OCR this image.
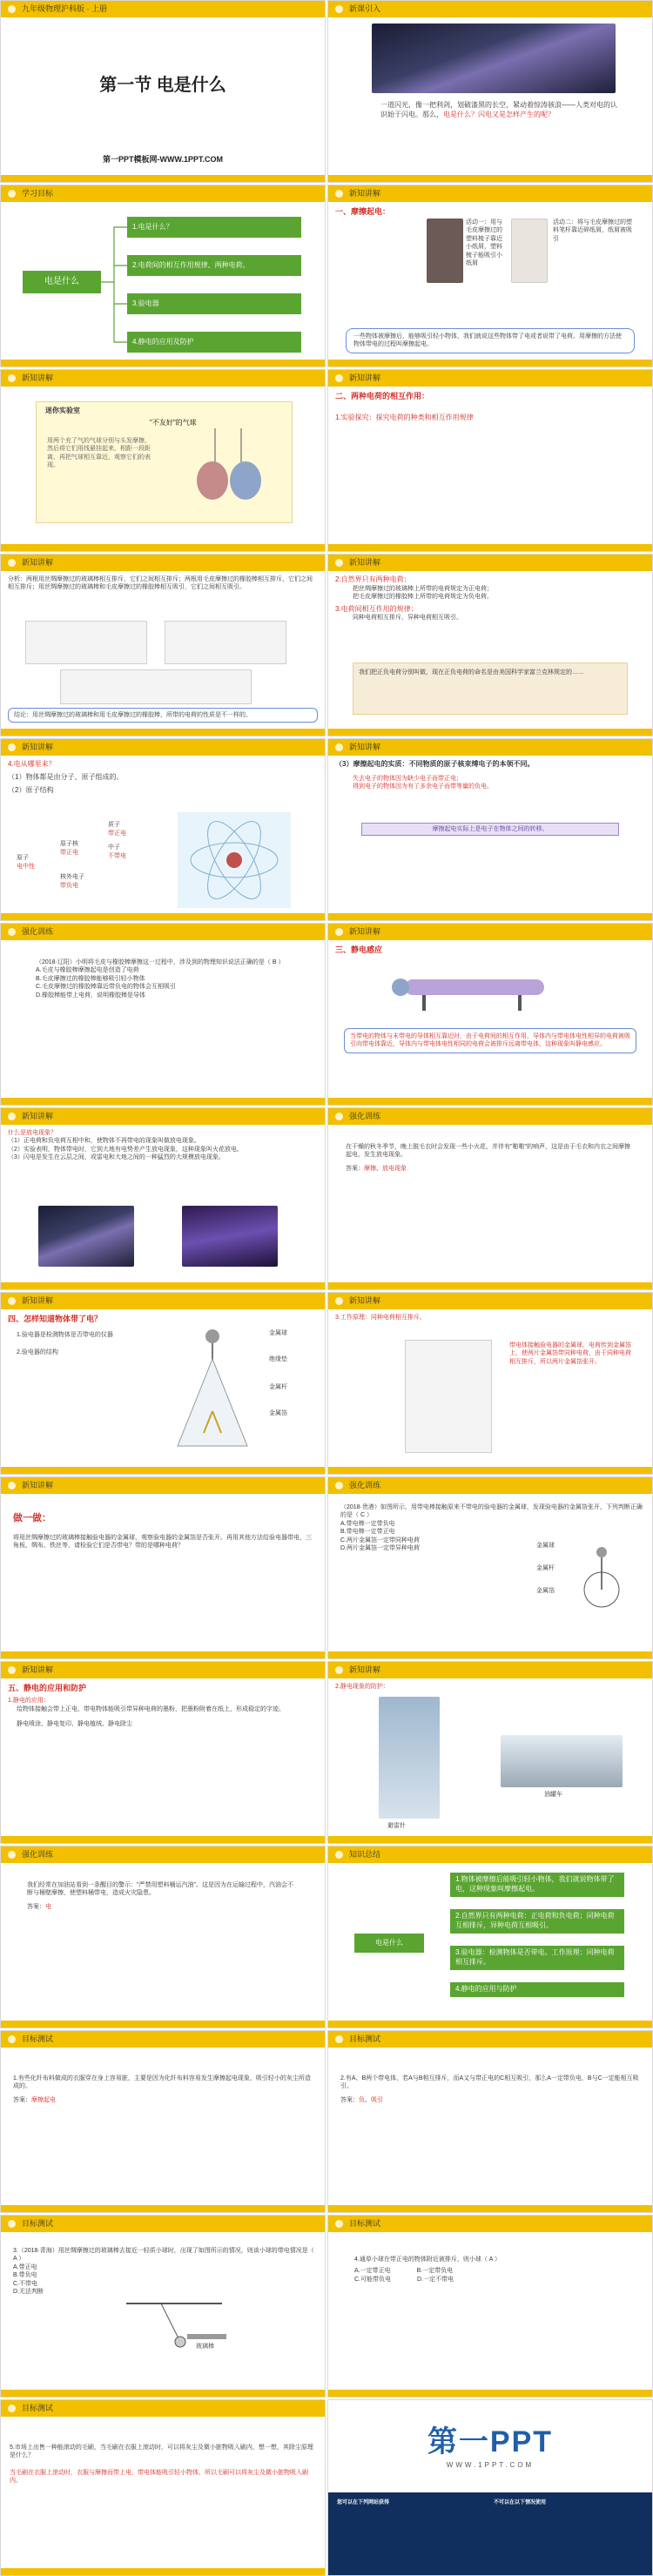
九年级物理沪科版 · 上册
第一节 电是什么
第一PPT模板网-WWW.1PPT.COM
新课引入
一道闪光，像一把利剑，划破漆黑的长空，紧动着惊涛骇浪——人类对电的认识始于闪电。那么，电是什么？闪电又是怎样产生的呢？
学习目标
电是什么
1.电是什么？
2.电荷间的相互作用规律、两种电荷。
3.验电器
4.静电的应用及防护
新知讲解
一、摩擦起电：
活动一：用与毛皮摩擦过的塑料梳子靠近小纸屑，塑料梳子能吸引小纸屑
活动二：将与毛皮摩擦过的塑料笔杆靠近碎纸屑，纸屑被吸引
一些物体被摩擦后，能够吸引轻小物体，我们就说这些物体带了电或者说带了电荷。用摩擦的方法使物体带电的过程叫摩擦起电。
新知讲解
迷你实验室
"不友好"的气球
用两个充了气的气球分别与头发摩擦，然后将它们用线悬挂起来，相距一段距离，再把气球相互靠近，观察它们的表现。
新知讲解
二、两种电荷的相互作用：
1.实验探究：探究电荷的种类和相互作用规律
新知讲解
分析：两根用丝绸摩擦过的玻璃棒相互排斥，它们之间相互排斥；两根用毛皮摩擦过的橡胶棒相互排斥，它们之间相互排斥；用丝绸摩擦过的玻璃棒和毛皮摩擦过的橡胶棒相互吸引，它们之间相互吸引。
结论：用丝绸摩擦过的玻璃棒和用毛皮摩擦过的橡胶棒，所带的电荷的性质是不一样的。
新知讲解
2.自然界只有两种电荷：
把丝绸摩擦过的玻璃棒上所带的电荷规定为正电荷；
把毛皮摩擦过的橡胶棒上所带的电荷规定为负电荷。
3.电荷间相互作用的规律：
同种电荷相互排斥，异种电荷相互吸引。
我们把正负电荷分别叫做，现在正负电荷的命名是由美国科学家富兰克林规定的……
新知讲解
4.电从哪里来？
（1）物体都是由分子、原子组成的。
（2）原子结构
原子
电中性
原子核
带正电
核外电子
带负电
质子
带正电
中子
不带电
新知讲解
（3）摩擦起电的实质：不同物质的原子核束缚电子的本领不同。
失去电子的物体因为缺少电子而带正电；
得到电子的物体因为有了多余电子而带等量的负电。
摩擦起电实际上是电子在物体之间的转移。
强化训练
（2018·辽阳）小明将毛皮与橡胶棒摩擦这一过程中，涉及到的物理知识说法正确的是（ B ）
A.毛皮与橡胶棒摩擦起电是创造了电荷
B.毛皮摩擦过的橡胶棒能够吸引轻小物体
C.毛皮摩擦过的橡胶棒靠近带负电的物体会互相吸引
D.橡胶棒能带上电荷，说明橡胶棒是导体
新知讲解
三、静电感应
当带电的物体与未带电的导体相互靠近时，由于电荷间的相互作用，导体内与带电体电性相异的电荷被吸引向带电体靠近，导体内与带电体电性相同的电荷会被排斥远离带电体，这种现象叫静电感应。
新知讲解
什么是放电现象？
（1）正电荷和负电荷互相中和，使物体不再带电的现象叫做放电现象。
（2）实验表明，物体带电时，它到大地有电势差产生放电现象，这种现象叫火花放电。
（3）闪电是发生在云层之间，或雷电和大地之间的一种猛烈的大规模放电现象。
强化训练
在干燥的秋冬季节，晚上脱毛衣时会发现一些小火花，并伴有"啪啪"的响声，这是由于毛衣和内衣之间摩擦起电，发生放电现象。
答案：摩擦、放电现象
新知讲解
四、怎样知道物体带了电？
1.验电器是检测物体是否带电的仪器
2.验电器的结构
金属球
绝缘垫
金属杆
金属箔
新知讲解
3.工作原理：同种电荷相互排斥。
带电体接触验电器的金属球，电荷传到金属箔上，使两片金属箔带同种电荷，由于同种电荷相互排斥，所以两片金属箔张开。
新知讲解
做一做：
将用丝绸摩擦过的玻璃棒接触验电器的金属球，观察验电器的金属箔是否张开。再用其他方法给验电器带电，三角板、绸布、铁丝等，请检验它们是否带电？带的是哪种电荷？
强化训练
（2018·贵港）如图所示，用带电棒接触原来不带电的验电器的金属球，发现验电器的金属箔张开，下列判断正确的是（ C ）
A.带电棒一定带负电
B.带电棒一定带正电
C.两片金属箔一定带同种电荷
D.两片金属箔一定带异种电荷	金属球
金属杆
金属箔
新知讲解
五、静电的应用和防护
1.静电的应用：
给物体接触会带上正电，带电物体能吸引带异种电荷的墨粉，把墨粉附着在纸上，形成稳定的字迹。
静电喷涂、静电复印、静电植绒、静电除尘
新知讲解
2.静电现象的防护：
避雷针
油罐车
强化训练
我们经常在加油站看到一条醒目的警示："严禁用塑料桶运汽油"。这是因为在运输过程中，汽油会不断与桶壁摩擦，使塑料桶带电，造成火灾隐患。
答案：电
知识总结
电是什么
1.物体被摩擦后能吸引轻小物体，我们就说物体带了电，这种现象叫摩擦起电。
2.自然界只有两种电荷：正电荷和负电荷；同种电荷互相排斥，异种电荷互相吸引。
3.验电器：检测物体是否带电。工作原理：同种电荷相互排斥。
4.静电的应用与防护
目标测试
1.有些化纤布料做成的衣服穿在身上容易脏，主要是因为化纤布料容易发生摩擦起电现象，吸引轻小的灰尘所造成的。
答案：摩擦起电
目标测试
2.有A、B两个带电体，若A与B相互排斥，而A又与带正电的C相互吸引，那么A一定带负电，B与C一定能相互吸引。
答案：负、吸引
目标测试
3.（2018·青海）用丝绸摩擦过的玻璃棒去接近一轻质小球时，出现了如图所示的情况，则该小球的带电情况是（ A ）
A.带正电
B.带负电
C.不带电
D.无法判断
玻璃棒
目标测试
4.通草小球在带正电的物体附近被排斥，则小球（ A ）
A.一定带正电	B.一定带负电
C.可能带负电	D.一定不带电
目标测试
5.市场上出售一种能滚动的毛刷，当毛刷在衣服上滚动时，可以将灰尘及微小脏物吸入刷内，想一想，其除尘原理是什么？
当毛刷在衣服上滚动时，衣服与摩擦而带上电，带电体能吸引轻小物体，所以毛刷可以将灰尘及微小脏物吸入刷内。
第一PPT
WWW.1PPT.COM
您可以在下列网站获得	不可以在以下情况使用
